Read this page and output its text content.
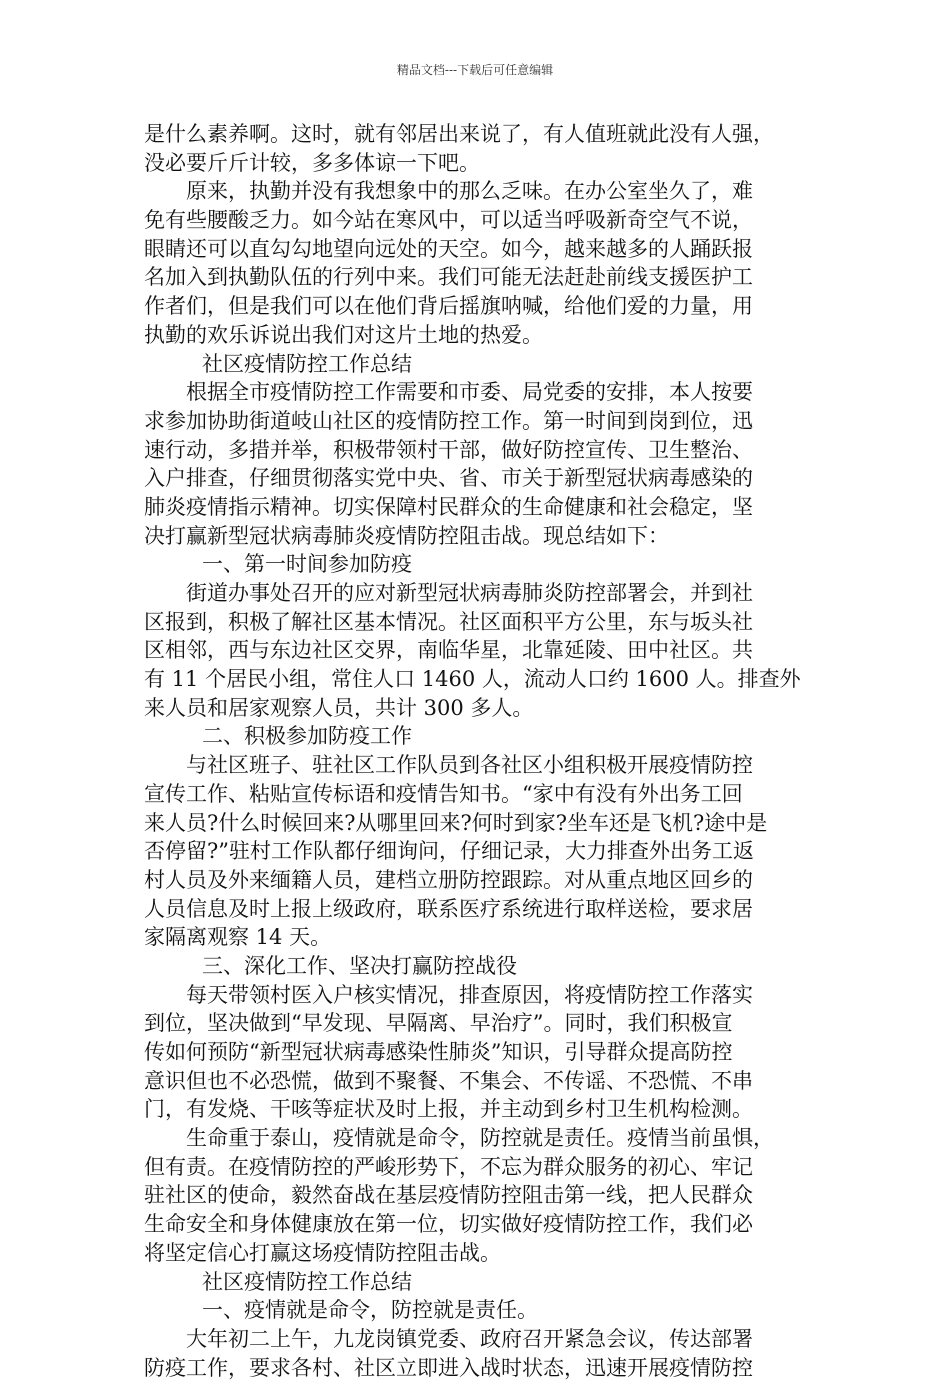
精品文档---下载后可任意编辑
是什么素养啊。这时，就有邻居出来说了，有人值班就此没有人强，
没必要斤斤计较，多多体谅一下吧。
原来，执勤并没有我想象中的那么乏味。在办公室坐久了，难
免有些腰酸乏力。如今站在寒风中，可以适当呼吸新奇空气不说，
眼睛还可以直勾勾地望向远处的天空。如今，越来越多的人踊跃报
名加入到执勤队伍的行列中来。我们可能无法赶赴前线支援医护工
作者们，但是我们可以在他们背后摇旗呐喊，给他们爱的力量，用
执勤的欢乐诉说出我们对这片土地的热爱。
社区疫情防控工作总结
根据全市疫情防控工作需要和市委、局党委的安排，本人按要
求参加协助街道岐山社区的疫情防控工作。第一时间到岗到位，迅
速行动，多措并举，积极带领村干部，做好防控宣传、卫生整治、
入户排查，仔细贯彻落实党中央、省、市关于新型冠状病毒感染的
肺炎疫情指示精神。切实保障村民群众的生命健康和社会稳定，坚
决打赢新型冠状病毒肺炎疫情防控阻击战。现总结如下：
一、第一时间参加防疫
街道办事处召开的应对新型冠状病毒肺炎防控部署会，并到社
区报到，积极了解社区基本情况。社区面积平方公里，东与坂头社
区相邻，西与东边社区交界，南临华星，北靠延陵、田中社区。共
有 11 个居民小组，常住人口 1460 人，流动人口约 1600 人。排查外
来人员和居家观察人员，共计 300 多人。
二、积极参加防疫工作
与社区班子、驻社区工作队员到各社区小组积极开展疫情防控
宣传工作、粘贴宣传标语和疫情告知书。“家中有没有外出务工回
来人员?什么时候回来?从哪里回来?何时到家?坐车还是飞机?途中是
否停留?”驻村工作队都仔细询问，仔细记录，大力排查外出务工返
村人员及外来缅籍人员，建档立册防控跟踪。对从重点地区回乡的
人员信息及时上报上级政府，联系医疗系统进行取样送检，要求居
家隔离观察 14 天。
三、深化工作、坚决打赢防控战役
每天带领村医入户核实情况，排查原因，将疫情防控工作落实
到位，坚决做到“早发现、早隔离、早治疗”。同时，我们积极宣
传如何预防“新型冠状病毒感染性肺炎”知识，引导群众提高防控
意识但也不必恐慌，做到不聚餐、不集会、不传谣、不恐慌、不串
门，有发烧、干咳等症状及时上报，并主动到乡村卫生机构检测。
生命重于泰山，疫情就是命令，防控就是责任。疫情当前虽惧，
但有责。在疫情防控的严峻形势下，不忘为群众服务的初心、牢记
驻社区的使命，毅然奋战在基层疫情防控阻击第一线，把人民群众
生命安全和身体健康放在第一位，切实做好疫情防控工作，我们必
将坚定信心打赢这场疫情防控阻击战。
社区疫情防控工作总结
一、疫情就是命令，防控就是责任。
大年初二上午，九龙岗镇党委、政府召开紧急会议，传达部署
防疫工作，要求各村、社区立即进入战时状态，迅速开展疫情防控
